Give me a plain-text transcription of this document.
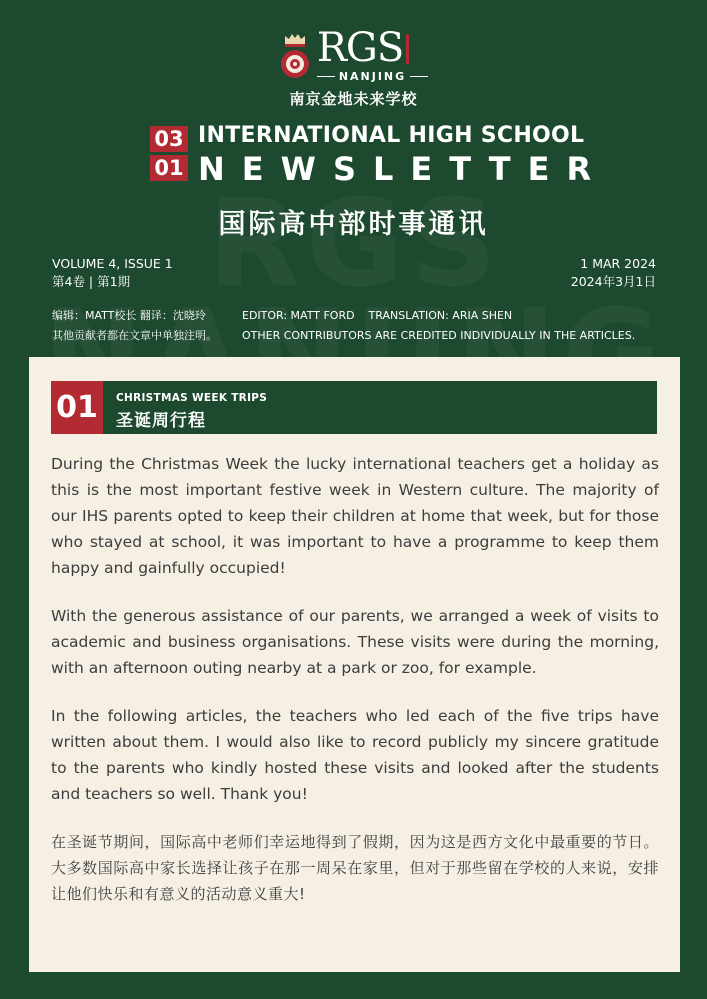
RGS
NANJING
南京金地未来学校
03
01
INTERNATIONAL HIGH SCHOOL
NEWSLETTER
国际高中部时事通讯
VOLUME 4, ISSUE 1	1 MAR 2024
第4卷 | 第1期	2024年3月1日
编辑：MATT校长 翻译：沈晓玲	EDITOR: MATT FORD    TRANSLATION: ARIA SHEN
其他贡献者都在文章中单独注明。	OTHER CONTRIBUTORS ARE CREDITED INDIVIDUALLY IN THE ARTICLES.
01	CHRISTMAS WEEK TRIPS
圣诞周行程

During the Christmas Week the lucky international teachers get a holiday as this is the most important festive week in Western culture. The majority of our IHS parents opted to keep their children at home that week, but for those who stayed at school, it was important to have a programme to keep them happy and gainfully occupied!

With the generous assistance of our parents, we arranged a week of visits to academic and business organisations. These visits were during the morning, with an afternoon outing nearby at a park or zoo, for example.

In the following articles, the teachers who led each of the five trips have written about them. I would also like to record publicly my sincere gratitude to the parents who kindly hosted these visits and looked after the students and teachers so well. Thank you!

在圣诞节期间，国际高中老师们幸运地得到了假期，因为这是西方文化中最重要的节日。大多数国际高中家长选择让孩子在那一周呆在家里，但对于那些留在学校的人来说，安排让他们快乐和有意义的活动意义重大!
